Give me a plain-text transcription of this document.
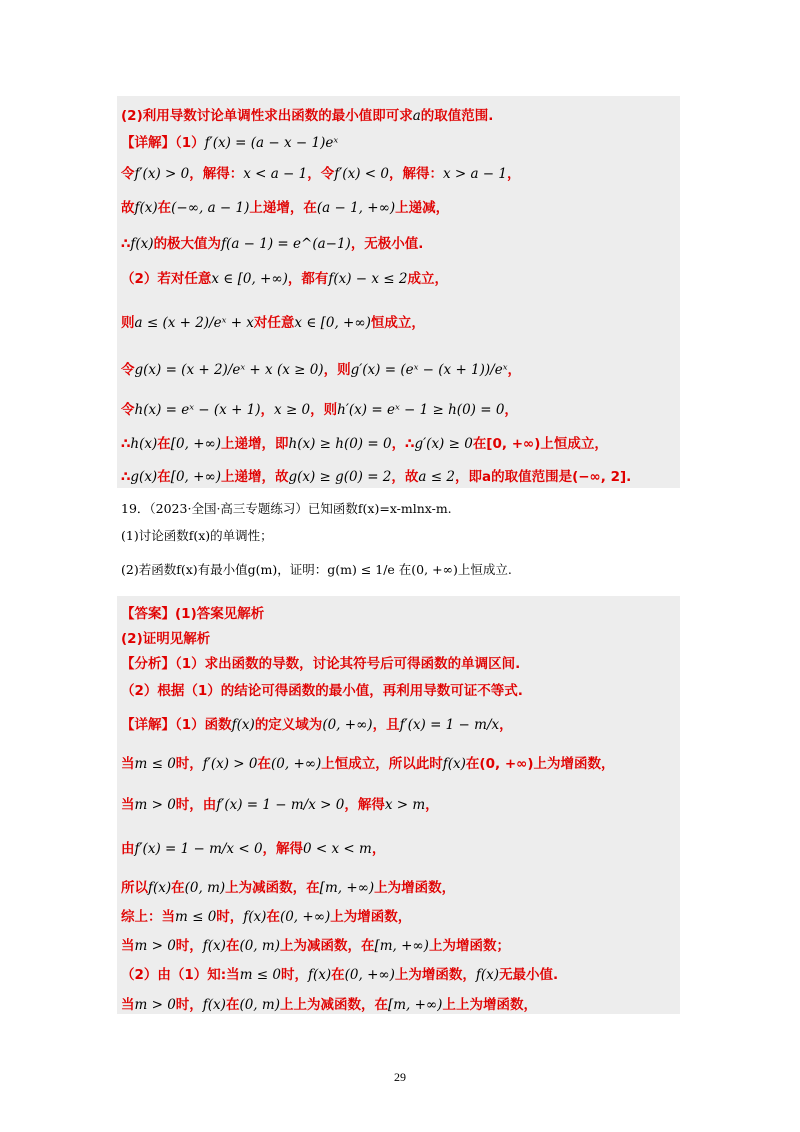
(2)利用导数讨论单调性求出函数的最小值即可求a的取值范围.
【详解】（1）f′(x) = (a − x − 1)eˣ
令f′(x) > 0，解得：x < a − 1，令f′(x) < 0，解得：x > a − 1，
故f(x)在(−∞, a − 1)上递增，在(a − 1, +∞)上递减，
∴f(x)的极大值为f(a − 1) = e^(a−1)，无极小值.
（2）若对任意x ∈ [0, +∞)，都有f(x) − x ≤ 2成立，
则a ≤ (x + 2)/eˣ + x对任意x ∈ [0, +∞)恒成立，
令g(x) = (x + 2)/eˣ + x (x ≥ 0)，则g′(x) = (eˣ − (x + 1))/eˣ，
令h(x) = eˣ − (x + 1)，x ≥ 0，则h′(x) = eˣ − 1 ≥ h(0) = 0，
∴h(x)在[0, +∞)上递增，即h(x) ≥ h(0) = 0，∴g′(x) ≥ 0在[0, +∞)上恒成立，
∴g(x)在[0, +∞)上递增，故g(x) ≥ g(0) = 2，故a ≤ 2，即a的取值范围是(−∞, 2].
19．（2023·全国·高三专题练习）已知函数f(x)=x-mlnx-m.
(1)讨论函数f(x)的单调性；
(2)若函数f(x)有最小值g(m)，证明：g(m) ≤ 1/e 在(0, +∞)上恒成立.
【答案】(1)答案见解析
(2)证明见解析
【分析】（1）求出函数的导数，讨论其符号后可得函数的单调区间.
（2）根据（1）的结论可得函数的最小值，再利用导数可证不等式.
【详解】（1）函数f(x)的定义域为(0, +∞)，且f′(x) = 1 − m/x，
当m ≤ 0时，f′(x) > 0在(0, +∞)上恒成立，所以此时f(x)在(0, +∞)上为增函数，
当m > 0时，由f′(x) = 1 − m/x > 0，解得x > m，
由f′(x) = 1 − m/x < 0，解得0 < x < m，
所以f(x)在(0, m)上为减函数，在[m, +∞)上为增函数，
综上：当m ≤ 0时，f(x)在(0, +∞)上为增函数，
当m > 0时，f(x)在(0, m)上为减函数，在[m, +∞)上为增函数；
（2）由（1）知:当m ≤ 0时，f(x)在(0, +∞)上为增函数，f(x)无最小值.
当m > 0时，f(x)在(0, m)上上为减函数，在[m, +∞)上上为增函数，
29
